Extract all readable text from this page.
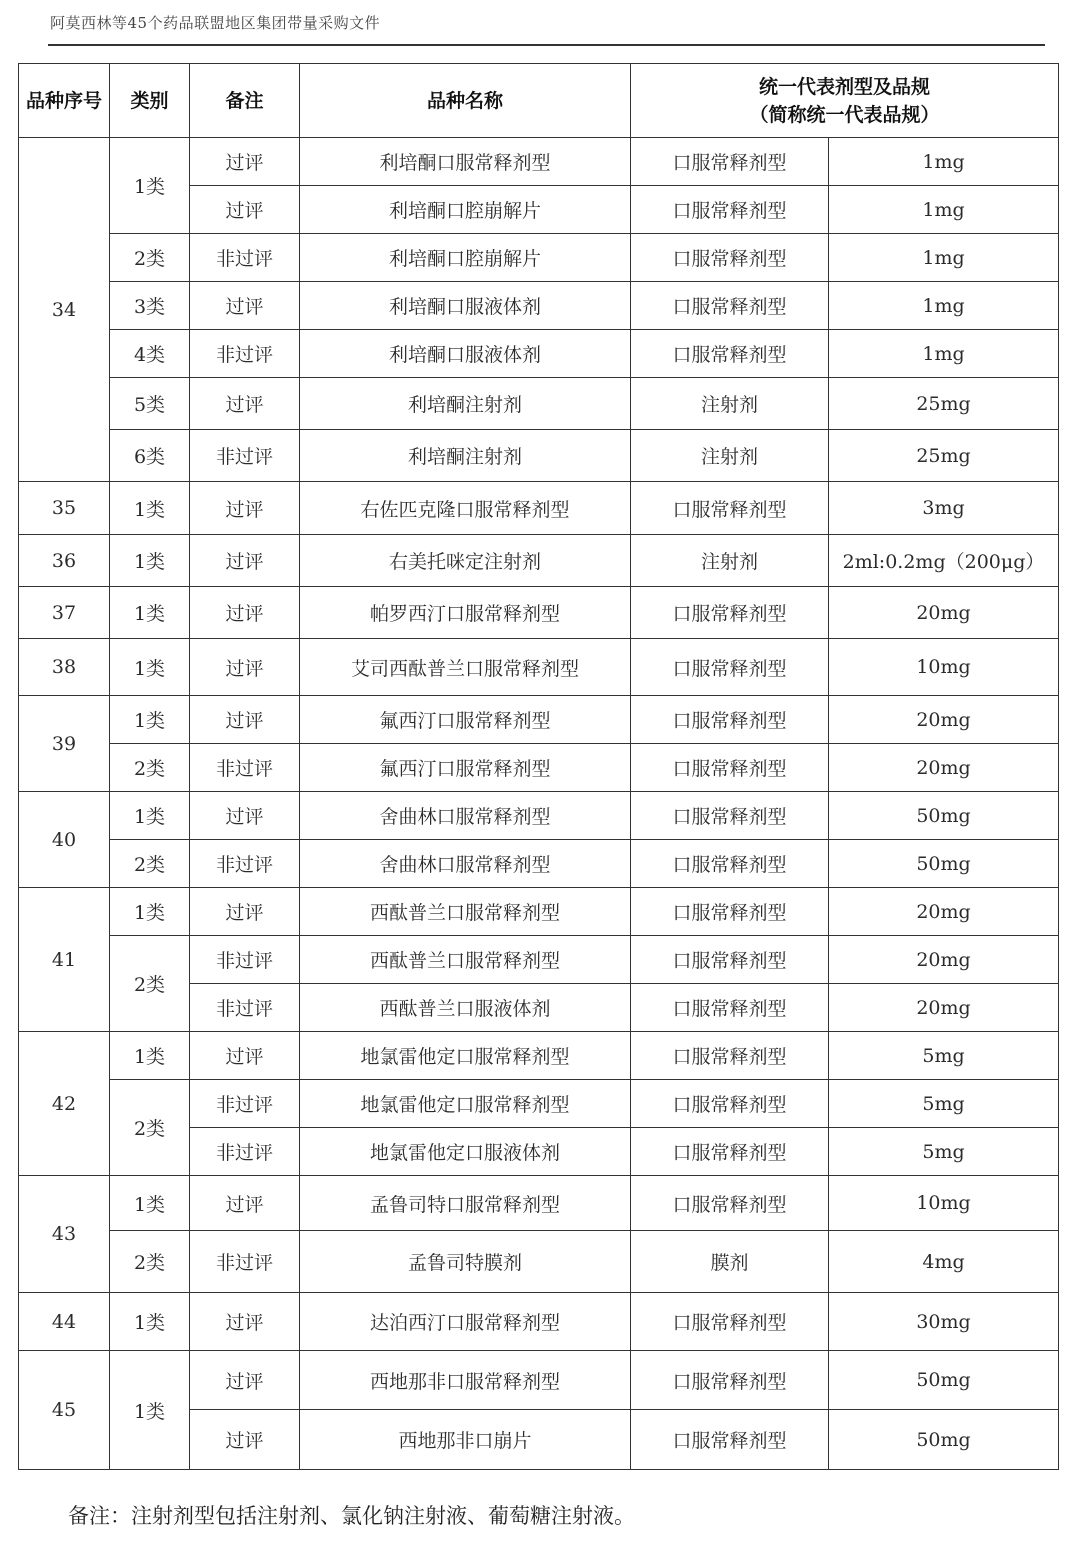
阿莫西林等45个药品联盟地区集团带量采购文件
品种序号	类别	备注	品种名称	统一代表剂型及品规
（简称统一代表品规）	

34	1类	过评	利培酮口服常释剂型	口服常释剂型	1mg
		过评	利培酮口腔崩解片	口服常释剂型	1mg
	2类	非过评	利培酮口腔崩解片	口服常释剂型	1mg
	3类	过评	利培酮口服液体剂	口服常释剂型	1mg
	4类	非过评	利培酮口服液体剂	口服常释剂型	1mg
	5类	过评	利培酮注射剂	注射剂	25mg
	6类	非过评	利培酮注射剂	注射剂	25mg
35	1类	过评	右佐匹克隆口服常释剂型	口服常释剂型	3mg
36	1类	过评	右美托咪定注射剂	注射剂	2ml:0.2mg（200μg）
37	1类	过评	帕罗西汀口服常释剂型	口服常释剂型	20mg
38	1类	过评	艾司西酞普兰口服常释剂型	口服常释剂型	10mg
39	1类	过评	氟西汀口服常释剂型	口服常释剂型	20mg
	2类	非过评	氟西汀口服常释剂型	口服常释剂型	20mg
40	1类	过评	舍曲林口服常释剂型	口服常释剂型	50mg
	2类	非过评	舍曲林口服常释剂型	口服常释剂型	50mg
41	1类	过评	西酞普兰口服常释剂型	口服常释剂型	20mg
	2类	非过评	西酞普兰口服常释剂型	口服常释剂型	20mg
		非过评	西酞普兰口服液体剂	口服常释剂型	20mg
42	1类	过评	地氯雷他定口服常释剂型	口服常释剂型	5mg
	2类	非过评	地氯雷他定口服常释剂型	口服常释剂型	5mg
		非过评	地氯雷他定口服液体剂	口服常释剂型	5mg
43	1类	过评	孟鲁司特口服常释剂型	口服常释剂型	10mg
	2类	非过评	孟鲁司特膜剂	膜剂	4mg
44	1类	过评	达泊西汀口服常释剂型	口服常释剂型	30mg
45	1类	过评	西地那非口服常释剂型	口服常释剂型	50mg
		过评	西地那非口崩片	口服常释剂型	50mg
备注：注射剂型包括注射剂、氯化钠注射液、葡萄糖注射液。
